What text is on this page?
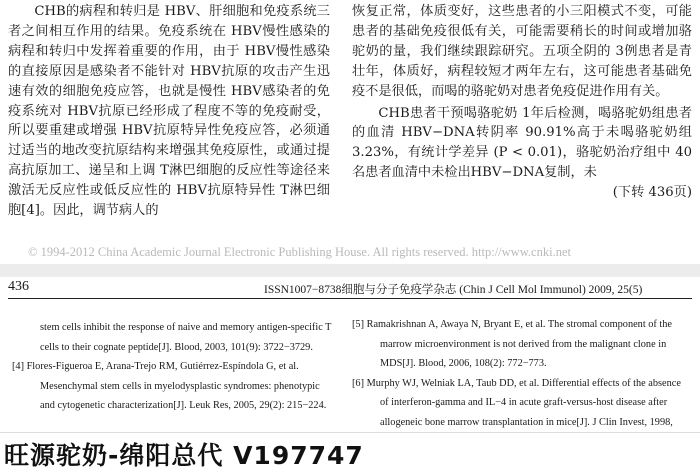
CHB的病程和转归是 HBV、肝细胞和免疫系统三者之间相互作用的结果。免疫系统在 HBV慢性感染的病程和转归中发挥着重要的作用，由于 HBV慢性感染的直接原因是感染者不能针对 HBV抗原的攻击产生迅速有效的细胞免疫应答，也就是慢性 HBV感染者的免疫系统对 HBV抗原已经形成了程度不等的免疫耐受，所以要重建或增强 HBV抗原特异性免疫应答，必须通过适当的地改变抗原结构来增强其免疫原性，或通过提高抗原加工、递呈和上调 T淋巴细胞的反应性等途径来激活无反应性或低反应性的 HBV抗原特异性 T淋巴细胞[4]。因此，调节病人的

恢复正常，体质变好，这些患者的小三阳模式不变，可能患者的基础免疫很低有关，可能需要稍长的时间或增加骆驼奶的量，我们继续跟踪研究。五项全阴的 3例患者是青壮年，体质好，病程较短才两年左右，这可能患者基础免疫不是很低，而喝的骆驼奶对患者免疫促进作用有关。

CHB患者干预喝骆驼奶 1年后检测，喝骆驼奶组患者的血清 HBV−DNA转阴率 90.91%高于未喝骆驼奶组 3.23%，有统计学差异 (P < 0.01)，骆驼奶治疗组中 40名患者血清中未检出HBV−DNA复制，未
(下转 436页)

© 1994-2012 China Academic Journal Electronic Publishing House. All rights reserved. http://www.cnki.net
436	ISSN1007−8738细胞与分子免疫学杂志 (Chin J Cell Mol Immunol) 2009, 25(5)

stem cells inhibit the response of naive and memory antigen-specific T cells to their cognate peptide[J]. Blood, 2003, 101(9): 3722−3729.

[4] Flores-Figueroa E, Arana-Trejo RM, Gutiérrez-Espíndola G, et al. Mesenchymal stem cells in myelodysplastic syndromes: phenotypic and cytogenetic characterization[J]. Leuk Res, 2005, 29(2): 215−224.

[5] Ramakrishnan A, Awaya N, Bryant E, et al. The stromal component of the marrow microenvironment is not derived from the malignant clone in MDS[J]. Blood, 2006, 108(2): 772−773.

[6] Murphy WJ, Welniak LA, Taub DD, et al. Differential effects of the absence of interferon-gamma and IL−4 in acute graft-versus-host disease after allogeneic bone marrow transplantation in mice[J]. J Clin Invest, 1998,

旺源驼奶-绵阳总代 V197747
